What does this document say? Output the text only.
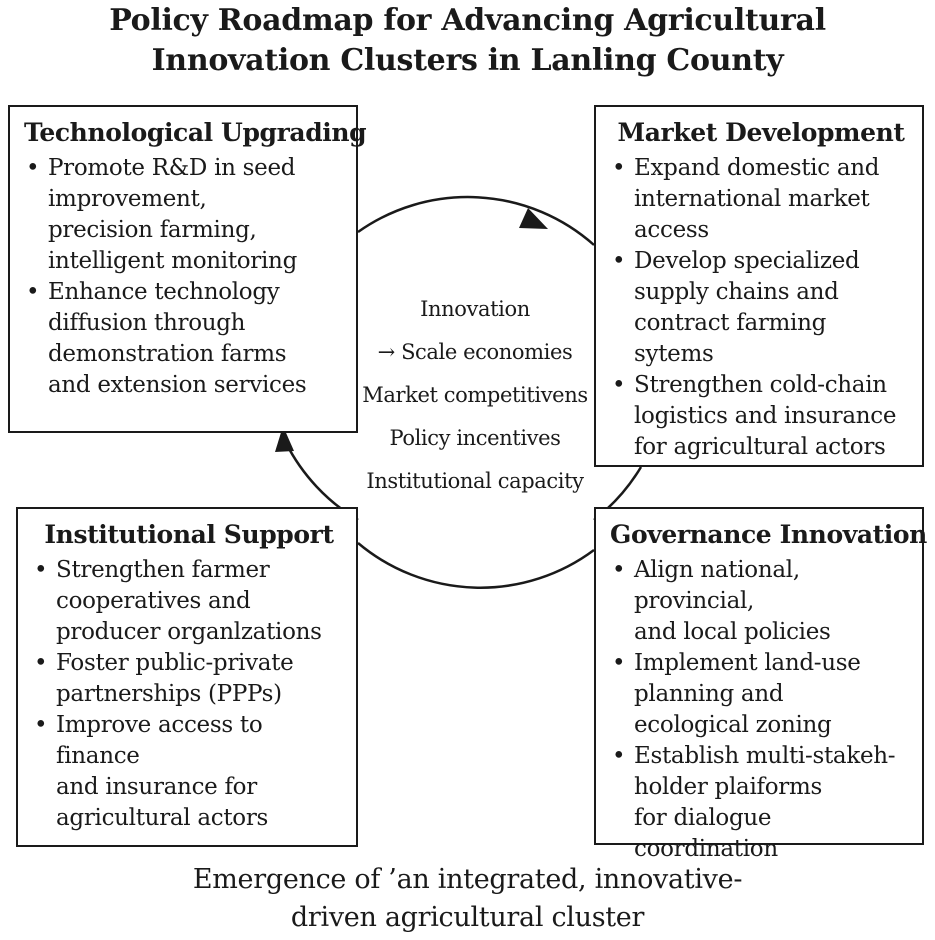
Policy Roadmap for Advancing Agricultural
Innovation Clusters in Lanling County
Technological Upgrading
• Promote R&D in seed
improvement,
precision farming,
intelligent monitoring
• Enhance technology
diffusion through
demonstration farms
and extension services
Market Development
• Expand domestic and
international market
access
• Develop specialized
supply chains and
contract farming sytems
• Strengthen cold-chain
logistics and insurance
for agricultural actors
Innovation
→ Scale economies
Market competitivens
Policy incentives
Institutional capacity
Institutional Support
• Strengthen farmer
cooperatives and
producer organlzations
• Foster public-private
partnerships (PPPs)
• Improve access to finance
and insurance for
agricultural actors
Governance Innovation
• Align national, provincial,
and local policies
• Implement land-use
planning and
ecological zoning
• Establish multi-stakeh-
holder plaiforms
for dialogue coordination
Emergence of ’an integrated, innovative-
driven agricultural cluster
